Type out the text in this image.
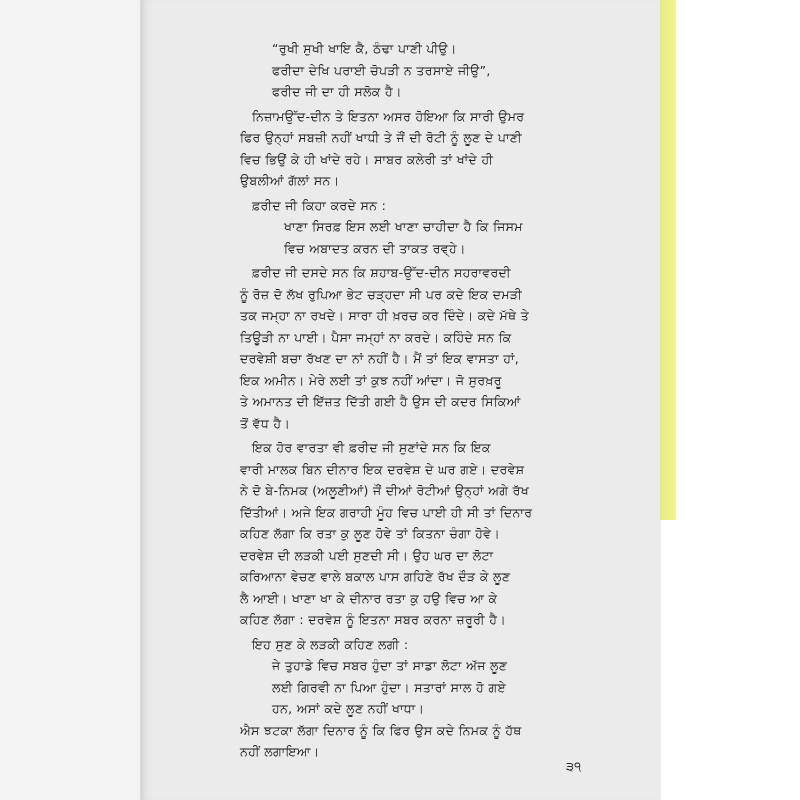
“ਰੁਖੀ ਸੁਖੀ ਖਾਇ ਕੈ, ਠੰਢਾ ਪਾਣੀ ਪੀਉ।
ਫਰੀਦਾ ਦੇਖਿ ਪਰਾਈ ਚੋਪੜੀ ਨ ਤਰਸਾਏ ਜੀਉ”,
ਫਰੀਦ ਜੀ ਦਾ ਹੀ ਸਲੋਕ ਹੈ।
ਨਿਜ਼ਾਮਉੱਦ-ਦੀਨ ਤੇ ਇਤਨਾ ਅਸਰ ਹੋਇਆ ਕਿ ਸਾਰੀ ਉਮਰ
ਫਿਰ ਉਨ੍ਹਾਂ ਸਬਜ਼ੀ ਨਹੀਂ ਖਾਧੀ ਤੇ ਜੌਂ ਦੀ ਰੋਟੀ ਨੂੰ ਲੂਣ ਦੇ ਪਾਣੀ
ਵਿਚ ਭਿਉਂ ਕੇ ਹੀ ਖਾਂਦੇ ਰਹੇ। ਸਾਬਰ ਕਲੇਰੀ ਤਾਂ ਖਾਂਦੇ ਹੀ
ਉਬਲੀਆਂ ਗੱਲਾਂ ਸਨ।
ਫ਼ਰੀਦ ਜੀ ਕਿਹਾ ਕਰਦੇ ਸਨ :
ਖਾਣਾ ਸਿਰਫ਼ ਇਸ ਲਈ ਖਾਣਾ ਚਾਹੀਦਾ ਹੈ ਕਿ ਜਿਸਮ
ਵਿਚ ਅਬਾਦਤ ਕਰਨ ਦੀ ਤਾਕਤ ਰਵ੍ਹੇ।
ਫ਼ਰੀਦ ਜੀ ਦਸਦੇ ਸਨ ਕਿ ਸ਼ਹਾਬ-ਉੱਦ-ਦੀਨ ਸਹਰਾਵਰਦੀ
ਨੂੰ ਰੋਜ਼ ਦੋ ਲੱਖ ਰੁਪਿਆ ਭੇਟ ਚੜ੍ਹਦਾ ਸੀ ਪਰ ਕਦੇ ਇਕ ਦਮੜੀ
ਤਕ ਜਮ੍ਹਾ ਨਾ ਰਖਦੇ। ਸਾਰਾ ਹੀ ਖ਼ਰਚ ਕਰ ਦਿੰਦੇ। ਕਦੇ ਮੱਥੇ ਤੇ
ਤਿਊੜੀ ਨਾ ਪਾਈ। ਪੈਸਾ ਜਮ੍ਹਾਂ ਨਾ ਕਰਦੇ। ਕਹਿੰਦੇ ਸਨ ਕਿ
ਦਰਵੇਸ਼ੀ ਬਚਾ ਰੱਖਣ ਦਾ ਨਾਂ ਨਹੀਂ ਹੈ। ਮੈਂ ਤਾਂ ਇਕ ਵਾਸਤਾ ਹਾਂ,
ਇਕ ਅਮੀਨ। ਮੇਰੇ ਲਈ ਤਾਂ ਕੁਝ ਨਹੀਂ ਆਂਦਾ। ਜੋ ਸੁਰਖ਼ਰੂ
ਤੇ ਅਮਾਨਤ ਦੀ ਇੱਜ਼ਤ ਦਿੱਤੀ ਗਈ ਹੈ ਉਸ ਦੀ ਕਦਰ ਸਿਕਿਆਂ
ਤੋਂ ਵੱਧ ਹੈ।
ਇਕ ਹੋਰ ਵਾਰਤਾ ਵੀ ਫ਼ਰੀਦ ਜੀ ਸੁਣਾਂਦੇ ਸਨ ਕਿ ਇਕ
ਵਾਰੀ ਮਾਲਕ ਬਿਨ ਦੀਨਾਰ ਇਕ ਦਰਵੇਸ਼ ਦੇ ਘਰ ਗਏ। ਦਰਵੇਸ਼
ਨੇ ਦੋ ਬੇ-ਨਿਮਕ (ਅਲੂਣੀਆਂ) ਜੌਂ ਦੀਆਂ ਰੋਟੀਆਂ ਉਨ੍ਹਾਂ ਅਗੇ ਰੱਖ
ਦਿੱਤੀਆਂ। ਅਜੇ ਇਕ ਗਰਾਹੀ ਮੂੰਹ ਵਿਚ ਪਾਈ ਹੀ ਸੀ ਤਾਂ ਦਿਨਾਰ
ਕਹਿਣ ਲੱਗਾ ਕਿ ਰਤਾ ਕੁ ਲੂਣ ਹੋਵੇ ਤਾਂ ਕਿਤਨਾ ਚੰਗਾ ਹੋਵੇ।
ਦਰਵੇਸ਼ ਦੀ ਲੜਕੀ ਪਈ ਸੁਣਦੀ ਸੀ। ਉਹ ਘਰ ਦਾ ਲੋਟਾ
ਕਰਿਆਨਾ ਵੇਚਣ ਵਾਲੇ ਬਕਾਲ ਪਾਸ ਗਹਿਣੇ ਰੱਖ ਦੌੜ ਕੇ ਲੂਣ
ਲੈ ਆਈ। ਖਾਣਾ ਖਾ ਕੇ ਦੀਨਾਰ ਰਤਾ ਕੁ ਹਉ ਵਿਚ ਆ ਕੇ
ਕਹਿਣ ਲੱਗਾ : ਦਰਵੇਸ਼ ਨੂੰ ਇਤਨਾ ਸਬਰ ਕਰਨਾ ਜ਼ਰੂਰੀ ਹੈ।
ਇਹ ਸੁਣ ਕੇ ਲੜਕੀ ਕਹਿਣ ਲਗੀ :
ਜੇ ਤੁਹਾਡੇ ਵਿਚ ਸਬਰ ਹੁੰਦਾ ਤਾਂ ਸਾਡਾ ਲੋਟਾ ਅੱਜ ਲੂਣ
ਲਈ ਗਿਰਵੀ ਨਾ ਪਿਆ ਹੁੰਦਾ। ਸਤਾਰਾਂ ਸਾਲ ਹੋ ਗਏ
ਹਨ, ਅਸਾਂ ਕਦੇ ਲੂਣ ਨਹੀਂ ਖਾਧਾ।
ਐਸ ਝਟਕਾ ਲੱਗਾ ਦਿਨਾਰ ਨੂੰ ਕਿ ਫਿਰ ਉਸ ਕਦੇ ਨਿਮਕ ਨੂੰ ਹੱਥ
ਨਹੀਂ ਲਗਾਇਆ।
੩੧
